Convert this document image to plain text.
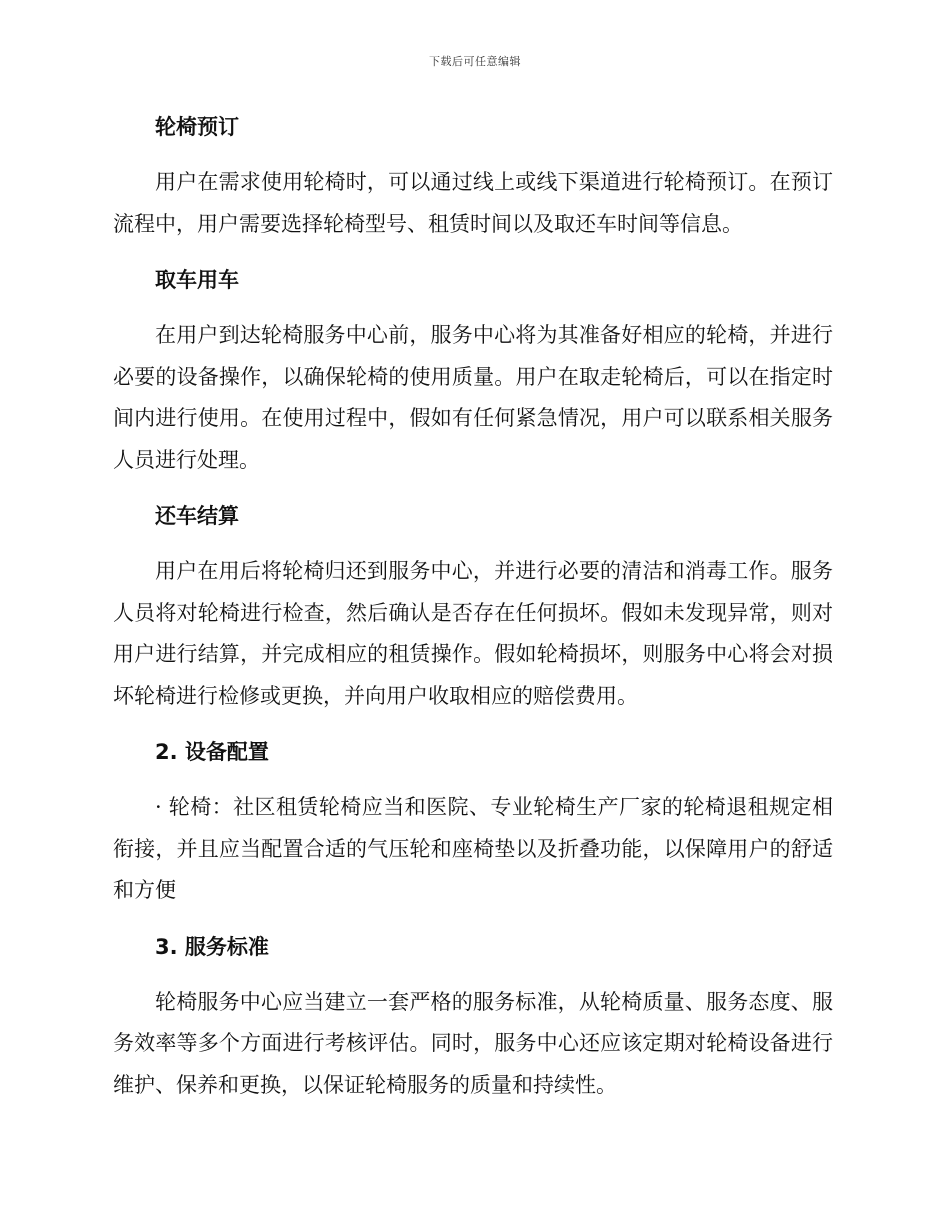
下载后可任意编辑
轮椅预订

用户在需求使用轮椅时，可以通过线上或线下渠道进行轮椅预订。在预订流程中，用户需要选择轮椅型号、租赁时间以及取还车时间等信息。

取车用车

在用户到达轮椅服务中心前，服务中心将为其准备好相应的轮椅，并进行必要的设备操作，以确保轮椅的使用质量。用户在取走轮椅后，可以在指定时间内进行使用。在使用过程中，假如有任何紧急情况，用户可以联系相关服务人员进行处理。

还车结算

用户在用后将轮椅归还到服务中心，并进行必要的清洁和消毒工作。服务人员将对轮椅进行检查，然后确认是否存在任何损坏。假如未发现异常，则对用户进行结算，并完成相应的租赁操作。假如轮椅损坏，则服务中心将会对损坏轮椅进行检修或更换，并向用户收取相应的赔偿费用。

2. 设备配置

· 轮椅：社区租赁轮椅应当和医院、专业轮椅生产厂家的轮椅退租规定相衔接，并且应当配置合适的气压轮和座椅垫以及折叠功能，以保障用户的舒适和方便

3. 服务标准

轮椅服务中心应当建立一套严格的服务标准，从轮椅质量、服务态度、服务效率等多个方面进行考核评估。同时，服务中心还应该定期对轮椅设备进行维护、保养和更换，以保证轮椅服务的质量和持续性。
